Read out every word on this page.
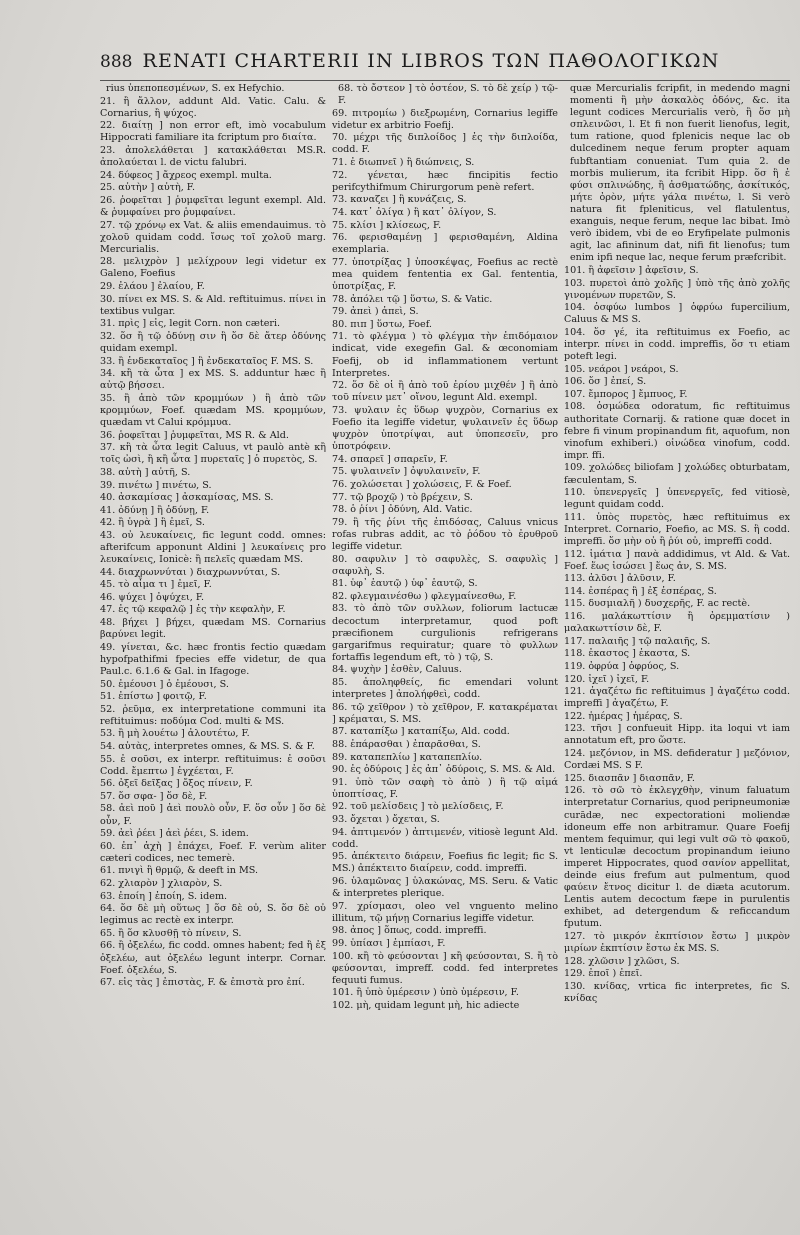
888 RENATI CHARTERII IN LIBROS ΤΩΝ ΠΑΘΟΛΟΓΙΚΩΝ

rius ὑπεποπεσμένων, S. ex Hefychio.

21. ἢ ἄλλον, addunt Ald. Vatic. Calu. & Cornarius, ἢ ψύχος.

22. διαίτῃ ] non error eft, imò vocabulum Hippocrati familiare ita fcriptum pro διαίτα.

23. ἀπολελάθεται ] κατακλάθεται MS.R. ἀπολαύεται l. de victu falubri.

24. δύφεος ] ἄχρεος exempl. multa.

25. αὐτὴν ] αὐτὴ, F.

26. ῥοφεῖται ] ῥυμφεῖται legunt exempl. Ald. & ῥυμφαίνει pro ῥυμφαίνει.

27. τῷ χρόνῳ ex Vat. & aliis emendauimus. τὸ χολοῦ quidam codd. ἴσως τοῖ χολοῦ marg. Mercurialis.

28. μελιχρὸν ] μελίχρουν legi videtur ex Galeno, Foefius

29. ἐλάου ] ἐλαίου, F.

30. πίνει ex MS. S. & Ald. reftituimus. πίνει in textibus vulgar.

31. πρὶς ] εἰς, legit Corn. non cæteri.

32. ὅσ ἢ τῷ ὀδύνῃ σιν ἢ ὅσ δὲ ἄτερ ὀδύνης quidam exempl.

33. ἢ ἐνδεκαταῖος ] ἢ ἐνδεκαταῖος F. MS. S.

34. κἢ τὰ ὦτα ] ex MS. S. adduntur hæc ἢ αὐτῷ βήσσει.

35. ἢ ἀπὸ τῶν κρομμύων ) ἢ ἀπὸ τῶν κρομμύων, Foef. quædam MS. κρομμύων, quædam vt Calui κρόμμυα.

36. ῥοφεῖται ] ῥυμφεῖται, MS R. & Ald.

37. κἢ τὰ ὦτα legit Caluus, vt paulò antè κἢ τοῖς ὠσὶ, ἢ κἢ ὦτα ] πυρεταῖς ] ὁ πυρετὸς, S.

38. αὐτὴ ] αὐτῆ, S.

39. πινέτω ] πινέτω, S.

40. ἀσκαμίσας ] ἀσκαμίσας, MS. S.

41. ὀδύνῃ ] ἢ ὀδύνῃ, F.

42. ἢ ὑγρὰ ] ἢ ἐμεῖ, S.

43. οὐ λευκαίνεις, fic legunt codd. omnes: afterifcum apponunt Aldini ] λευκαίνεις pro λευκαίνεις, Ionicè: ἢ πελεῖς quædam MS.

44. διαχρωννύται ) διαχρωννύται, S.

45. τὸ αἷμα τι ] ἐμεῖ, F.

46. ψύχει ] ὀψύχει, F.

47. ἐς τῷ κεφαλῷ ] ἐς τὴν κεφαλὴν, F.

48. βήχει ] βήχει, quædam MS. Cornarius βαρύνει legit.

49. γίνεται, &c. hæc frontis fectio quædam hypofpathifmi fpecies effe videtur, de qua Paul.c. 6.1.6 & Gal. in Ifagoge.

50. ἐμέουσι ] ὁ ἐμέουσι, S.

51. ἐπίστω ] φοιτῷ, F.

52. ῥεῦμα, ex interpretatione communi ita reftituimus: ποδύμα Cod. multi & MS.

53. ἢ μὴ λουέτω ] ἀλουτέτω, F.

54. αὐτὰς, interpretes omnes, & MS. S. & F.

55. ἐ σοῦσι, ex interpr. reftituimus: ἐ σοῦσι Codd. ἔμεπτω ] ἐγχέεται, F.

56. ὀξεῖ δεῖξας ] ὄξος πίνειν, F.

57. ὅσ σφα- ] ὅσ δὲ, F.

58. ἀεὶ ποῦ ] ἀεὶ πουλὸ οὖν, F. ὅσ οὖν ] ὅσ δὲ οὖν, F.

59. ἀεὶ ῥέει ] ἀεὶ ῥέει, S. idem.

60. ἐπ᾽ ἀχὴ ] ἐπάχει, Foef. F. verùm aliter cæteri codices, nec temerè.

61. πνιγὶ ἢ θρμῷ, & deeft in MS.

62. χλιαρὸν ] χλιαρὸν, S.

63. ἐποίη ] ἐποίη, S. idem.

64. ὅσ δὲ μὴ οὕτως ] ὅσ δὲ οὐ, S. ὅσ δὲ οὐ legimus ac rectè ex interpr.

65. ἢ ὅσ κλυσθῇ τὸ πίνειν, S.

66. ἢ ὀξελέω, fic codd. omnes habent; fed ἢ ἐξ ὀξελέω, aut ὀξελέω legunt interpr. Cornar. Foef. ὀξελέω, S.

67. εἰς τὰς ] ἐπιστὰς, F. & ἐπιστὰ pro ἐπί.

68. τὸ ὄστεον ] τὸ ὀστέον, S. τὸ δὲ χείρ ) τῷ-F.

69. πιτρομίω ) διεξρωμένη, Cornarius legiffe videtur ex arbitrio Foefij.

70. μέχρι τῆς διπλοίδος ] ἐς τὴν διπλοίδα, codd. F.

71. ἐ διωπνεῖ ) ἢ διώπνεις, S.

72. γένεται, hæc fincipitis fectio perifcythifmum Chirurgorum penè refert.

73. καναζει ] ἢ κυνάζεις, S.

74. κατ᾽ ὀλίγα ) ἢ κατ᾽ ὀλίγον, S.

75. κλίσι ] κλίσεως, F.

76. φερισθαμένῃ ] φερισθαμένη, Aldina exemplaria.

77. ὑποτρίξας ] ὑποσκέψας, Foefius ac rectè mea quidem fententia ex Gal. fententia, ὑποτρίξας, F.

78. ἀπόλει τῷ ] ὕστω, S. & Vatic.

79. ἀπεὶ ) ἀπεὶ, S.

80. πιπ ] ὕστω, Foef.

71. τὸ φλέγμα ) τὸ φλέγμα τὴν ἐπιδόμαιον indicat, vide exegefin Gal. & œconomiam Foefij, ob id inflammationem vertunt Interpretes.

72. ὅσ δὲ οἱ ἢ ἀπὸ τοῦ ἐρίου μιχθέν ] ἢ ἀπὸ τοῦ πίνειν μετ᾽ οἴνου, legunt Ald. exempl.

73. ψυλαιν ἐς ὕδωρ ψυχρὸν, Cornarius ex Foefio ita legiffe videtur, ψυλαινεῖν ἐς ὕδωρ ψυχρὸν ὑποτρίψαι, aut ὑποπεσεῖν, pro ὑποτρόφειν.

74. σπαρεῖ ] σπαρεῖν, F.

75. ψυλαινεῖν ] ὀψυλαινεῖν, F.

76. χολώσεται ] χολώσεις, F. & Foef.

77. τῷ βροχῷ ) τὸ βρέχειν, S.

78. ὁ ῥίνι ] ὀδύνη, Ald. Vatic.

79. ἢ τῆς ῥίνι τῆς ἐπιδόσας, Caluus vnicus rofas rubras addit, ac τὸ ῥόδου τὸ ἐρυθροῦ legiffe videtur.

80. σαφυλιν ] τὸ σαφυλὲς, S. σαφυλὶς ] σαφυλὴ, S.

81. ὑφ᾽ ἑαυτῷ ) ὑφ᾽ ἑαυτῷ, S.

82. φλεγμαινέσθω ) φλεγμαίνεσθω, F.

83. τὸ ἀπὸ τῶν συλλων, foliorum lactucæ decoctum interpretamur, quod poft præcifionem curgulionis refrigerans gargarifmus requiratur; quare τὸ φυλλων fortaffis legendum eft, τὸ ) τῷ, S.

84. ψυχὴν ] ἐσθὲν, Caluus.

85. ἀποληφθείς, fic emendari volunt interpretes ] ἀπολήφθεὶ, codd.

86. τῷ χεῖθρον ) τὸ χεῖθρον, F. κατακρέμαται ] κρέμαται, S. MS.

87. καταπίξω ] καταπίξω, Ald. codd.

88. ἐπάρασθαι ) ἐπαρᾶσθαι, S.

89. καταπεπλίω ] καταπεπλίω.

90. ἐς ὀδύροις ] ἐς ἀπ᾽ ὀδύροις, S. MS. & Ald.

91. ὑπὸ τῶν σαφὴ τὸ ἀπὸ ) ἢ τῷ αἱμά ὑποπτίσας, F.

92. τοῦ μελίσδεις ] τὸ μελίσδεις, F.

93. ὄχεται ) ὄχεται, S.

94. ἀπτιμενόν ) ἀπτιμενέν, vitiosè legunt Ald. codd.

95. ἀπέκτειτο διάρειν, Foefius fic legit; fic S. MS.) ἀπέκτειτο διαίρειν, codd. impreffi.

96. ὑλαμῶνας ] ὑλακώνας, MS. Seru. & Vatic & interpretes plerique.

97. χρίσμασι, oleo vel vnguento melino illitum, τῷ μήνῃ Cornarius legiffe videtur.

98. ἀπος ] ὅπως, codd. impreffi.

99. ὑπίασι ] ἐμπίασι, F.

100. κἢ τὸ φεύσονται ] κἢ φεύσονται, S. ἢ τὸ φεύσονται, impreff. codd. fed interpretes fequuti fumus.

101. ἢ ὑπὸ ὑμέρεσιν ) ὑπὸ ὑμέρεσιν, F.

102. μὴ, quidam legunt μὴ, hic adiecte

quæ Mercurialis fcripfit, in medendo magni momenti ἢ μὴν ἀσκαλὸς ὀδόνς, &c. ita legunt codices Mercurialis verò, ἢ ὅσ μὴ σπλεινῶσι, l. Et fi non fuerit lienofus, legit, tum ratione, quod fplenicis neque lac ob dulcedinem neque ferum propter aquam fubftantiam conueniat. Tum quia 2. de morbis mulierum, ita fcribit Hipp. ὅσ ἢ ἐ φύσι σπλινώδης, ἢ ἀσθματώδης, ἀσκίτικός, μήτε ὀρὸν, μήτε γάλα πινέτω, l. Si verò natura fit fpleniticus, vel flatulentus, exanguis, neque ferum, neque lac bibat. Imò verò ibidem, vbi de eo Eryfipelate pulmonis agit, lac afininum dat, nifi fit lienofus; tum enim ipfi neque lac, neque ferum præfcribit.

101. ἢ ἀφεῖσιν ] ἀφεῖσιν, S.

103. πυρετοὶ ἀπὸ χολῆς ] ὑπὸ τῆς ἀπὸ χολῆς γινομένων πυρετῶν, S.

104. ὀσφύω lumbos ] ὀφρύω fupercilium, Caluus & MS S.

104. ὅσ γέ, ita reftituimus ex Foefio, ac interpr. πίνει in codd. impreffis, ὅσ τι etiam poteft legi.

105. νεάροι ] νεάροι, S.

106. ὅσ ] ἐπεί, S.

107. ἔμπορος ] ἔμπυος, F.

108. ὀσμώδεα odoratum, fic reftituimus authoritate Cornarij. & ratione quæ docet in febre fi vinum propinandum fit, aquofum, non vinofum exhiberi.) οἰνώδεα vinofum, codd. impr. ffi.

109. χολώδες biliofam ] χολώδες obturbatam, fæculentam, S.

110. ὑπενεργεῖς ] ὑπενεργεῖς, fed vitiosè, legunt quidam codd.

111. ὑπὸς πυρετὸς, hæc reftituimus ex Interpret. Cornario, Foefio, ac MS. S. ἢ codd. impreffi. ὅσ μὴν οὐ ἢ ῥύι οὐ, impreffi codd.

112. ἱμάτια ] πανὰ addidimus, vt Ald. & Vat. Foef. ἕως ἰσώσει ] ἕως ἀν, S. MS.

113. ἀλῦσι ] ἀλῦσιν, F.

114. ἐσπέρας ἢ ] ἐξ ἐσπέρας, S.

115. δυσμιαλῆ ) δυσχερῆς, F. ac rectè.

116. μαλάκωττίσιν ἢ ὀρεμματίσιν ) μαλακωττίσιν δὲ, F.

117. παλαιῆς ] τῷ παλαιῆς, S.

118. ἐκαστος ] ἐκαστα, S.

119. ὀφρύα ] ὀφρύος, S.

120. ἰχεῖ ) ἰχεῖ, F.

121. ἀγαζέτω fic reftituimus ] ἀγαζέτω codd. impreffi ] ἀγαζέτω, F.

122. ἡμέρας ] ἡμέρας, S.

123. τῆσι ] confueuit Hipp. ita loqui vt iam annotatum eft, pro ὥστε.

124. μεζόνιον, in MS. defideratur ] μεζόνιον, Cordæi MS. S F.

125. διασπᾶν ] διασπᾶν, F.

126. τὸ σῶ τὸ ἐκλεγχθὴν, vinum faluatum interpretatur Cornarius, quod peripneumoniæ curādæ, nec expectorationi moliendæ idoneum effe non arbitramur. Quare Foefij mentem fequimur, qui legi vult σῶ τὸ φακοῦ, vt lenticulæ decoctum propinandum ieiuno imperet Hippocrates, quod σανίον appellitat, deinde eius frefum aut pulmentum, quod φαύειν ἔτνος dicitur l. de diæta acutorum. Lentis autem decoctum fæpe in purulentis exhibet, ad detergendum & reficcandum fputum.

127. τὸ μικρόν ἐκπτίσιον ἔστω ] μικρὸν μιρίων ἐκπτίσιν ἔστω ἐκ MS. S.

128. χλῶσιν ] χλῶσι, S.

129. ἐποῖ ) ἐπεῖ.

130. κνίδας, vrtica fic interpretes, fic S. κνίδας
